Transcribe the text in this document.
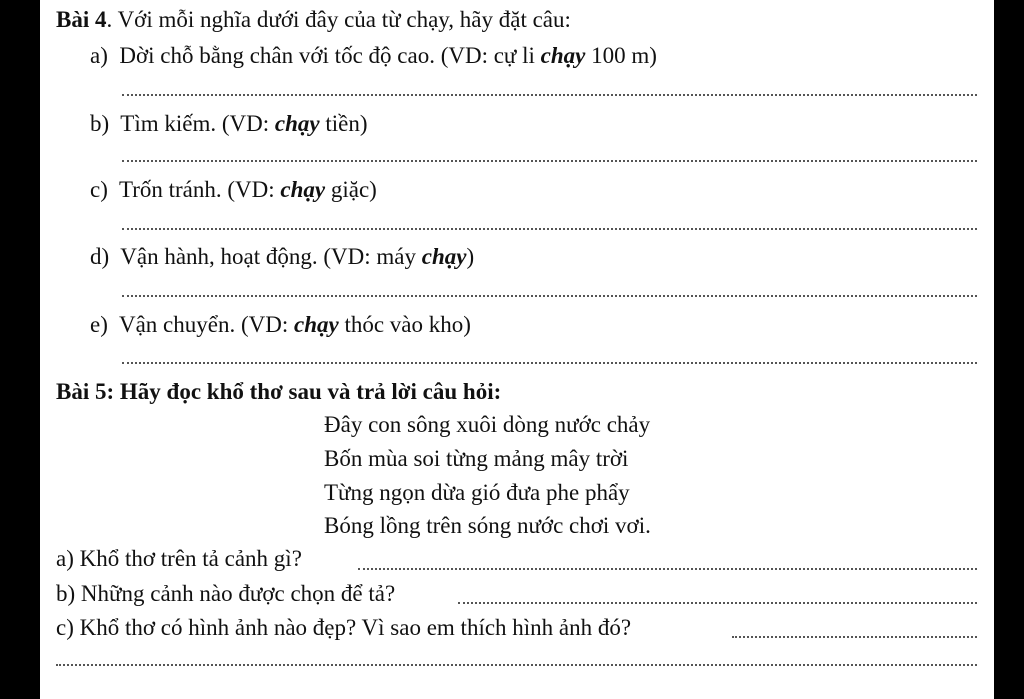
Bài 4. Với mỗi nghĩa dưới đây của từ chạy, hãy đặt câu:
a) Dời chỗ bằng chân với tốc độ cao. (VD: cự li chạy 100 m)
b) Tìm kiếm. (VD: chạy tiền)
c) Trốn tránh. (VD: chạy giặc)
d) Vận hành, hoạt động. (VD: máy chạy)
e) Vận chuyển. (VD: chạy thóc vào kho)
Bài 5: Hãy đọc khổ thơ sau và trả lời câu hỏi:
Đây con sông xuôi dòng nước chảy
Bốn mùa soi từng mảng mây trời
Từng ngọn dừa gió đưa phe phẩy
Bóng lồng trên sóng nước chơi vơi.
a) Khổ thơ trên tả cảnh gì?
b) Những cảnh nào được chọn để tả?
c) Khổ thơ có hình ảnh nào đẹp? Vì sao em thích hình ảnh đó?
